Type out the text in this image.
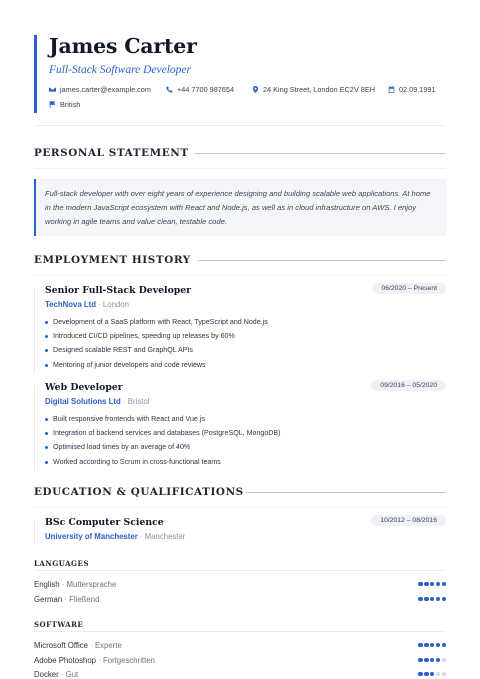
James Carter
Full-Stack Software Developer
james.carter@example.com	+44 7700 987654	24 King Street, London EC2V 8EH	02.09.1991
British
PERSONAL STATEMENT
Full-stack developer with over eight years of experience designing and building scalable web applications. At home in the modern JavaScript ecosystem with React and Node.js, as well as in cloud infrastructure on AWS. I enjoy working in agile teams and value clean, testable code.
EMPLOYMENT HISTORY
Senior Full-Stack Developer	06/2020 – Present
TechNova Ltd · London
Development of a SaaS platform with React, TypeScript and Node.js
Introduced CI/CD pipelines, speeding up releases by 60%
Designed scalable REST and GraphQL APIs
Mentoring of junior developers and code reviews
Web Developer	09/2016 – 05/2020
Digital Solutions Ltd · Bristol
Built responsive frontends with React and Vue.js
Integration of backend services and databases (PostgreSQL, MongoDB)
Optimised load times by an average of 40%
Worked according to Scrum in cross-functional teams
EDUCATION & QUALIFICATIONS
BSc Computer Science	10/2012 – 08/2016
University of Manchester · Manchester
LANGUAGES
English · Muttersprache
German · Fließend
SOFTWARE
Microsoft Office · Experte
Adobe Photoshop · Fortgeschritten
Docker · Gut
